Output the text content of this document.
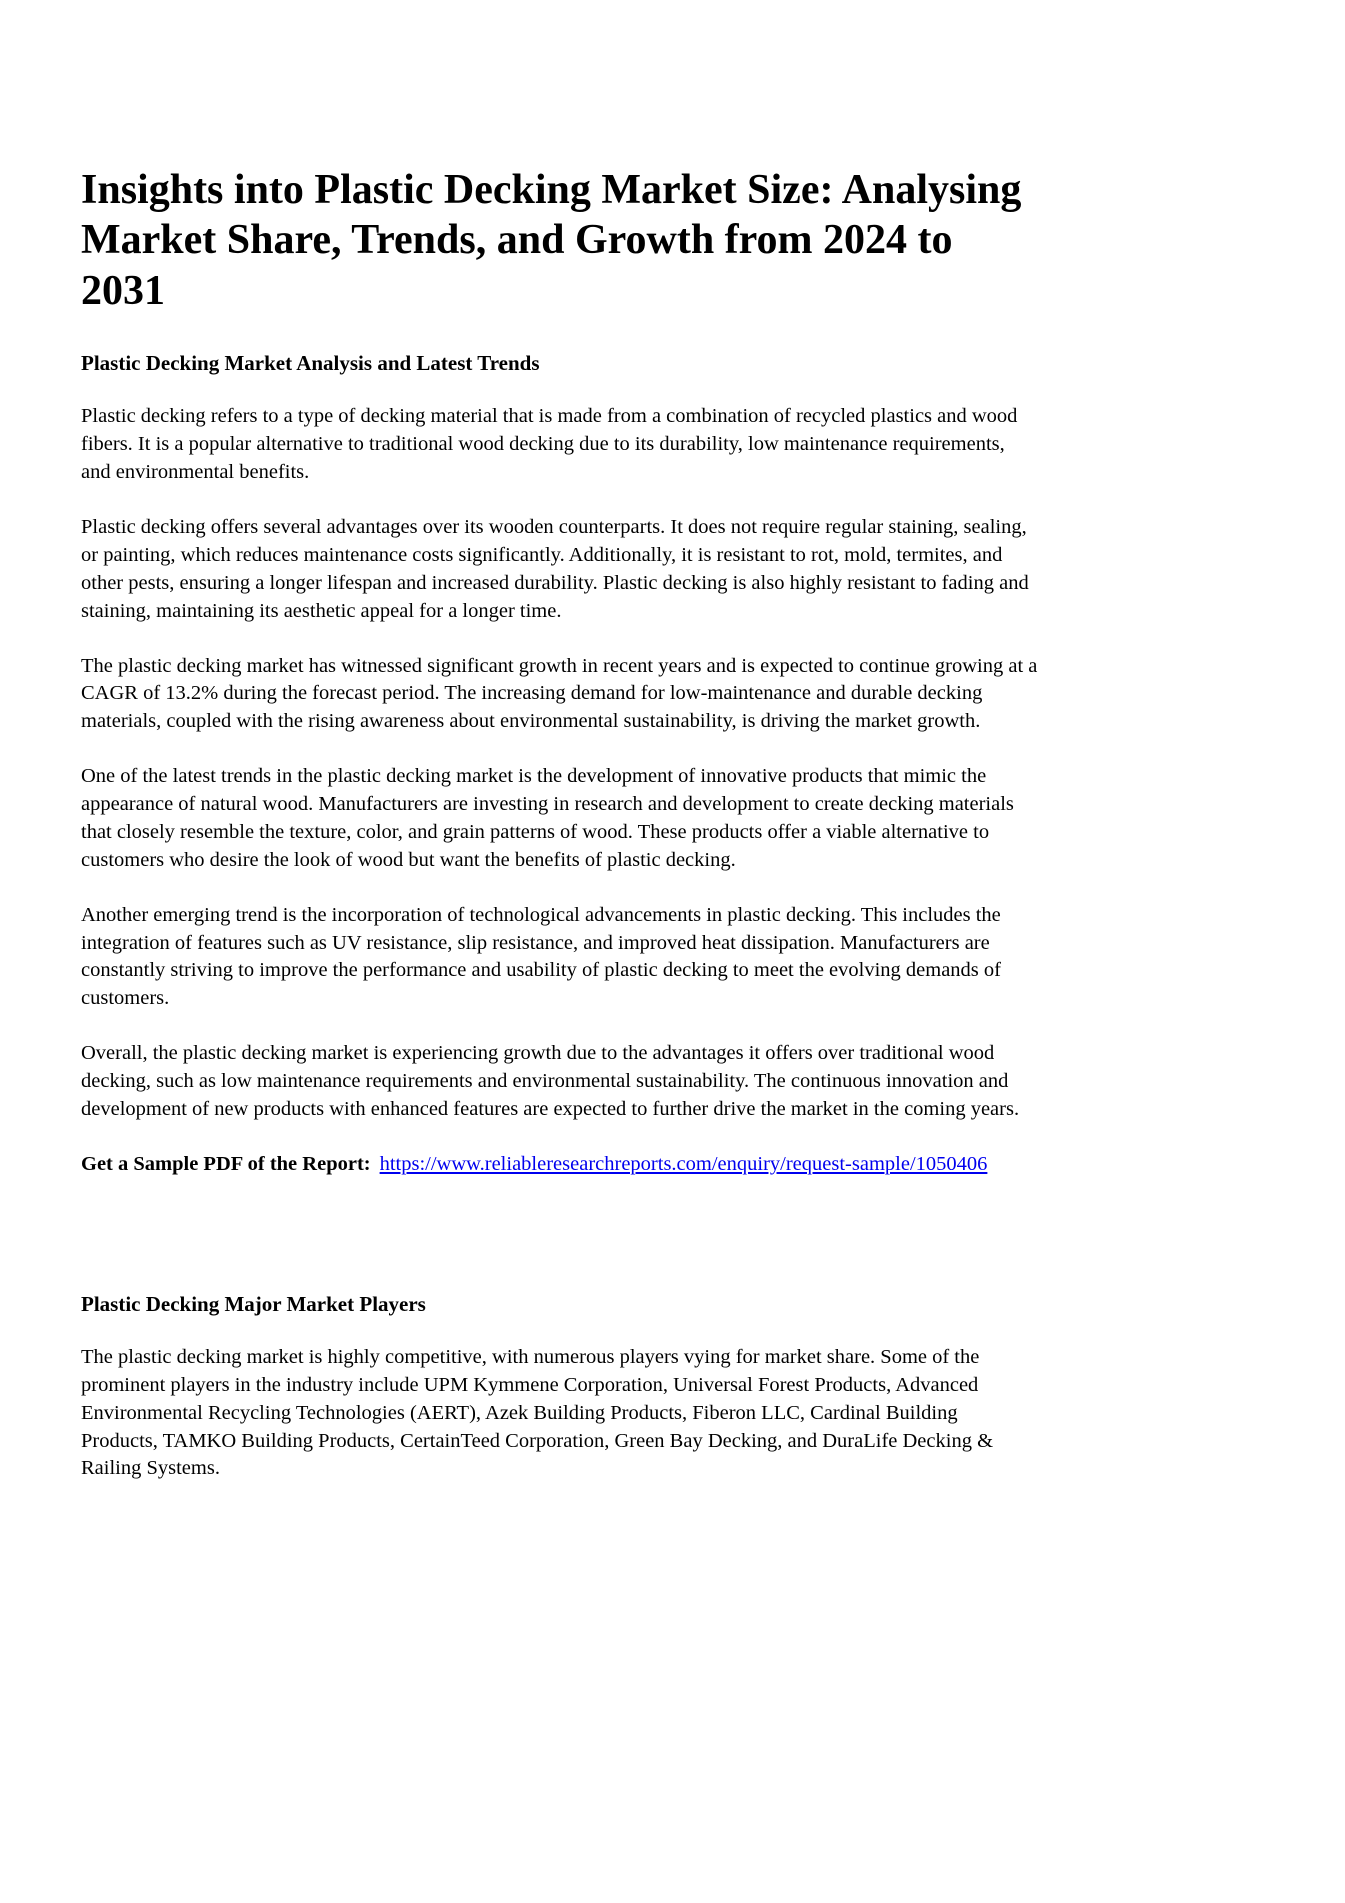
Insights into Plastic Decking Market Size: Analysing Market Share, Trends, and Growth from 2024 to 2031
Plastic Decking Market Analysis and Latest Trends

Plastic decking refers to a type of decking material that is made from a combination of recycled plastics and wood fibers. It is a popular alternative to traditional wood decking due to its durability, low maintenance requirements, and environmental benefits.

Plastic decking offers several advantages over its wooden counterparts. It does not require regular staining, sealing, or painting, which reduces maintenance costs significantly. Additionally, it is resistant to rot, mold, termites, and other pests, ensuring a longer lifespan and increased durability. Plastic decking is also highly resistant to fading and staining, maintaining its aesthetic appeal for a longer time.

The plastic decking market has witnessed significant growth in recent years and is expected to continue growing at a CAGR of 13.2% during the forecast period. The increasing demand for low-maintenance and durable decking materials, coupled with the rising awareness about environmental sustainability, is driving the market growth.

One of the latest trends in the plastic decking market is the development of innovative products that mimic the appearance of natural wood. Manufacturers are investing in research and development to create decking materials that closely resemble the texture, color, and grain patterns of wood. These products offer a viable alternative to customers who desire the look of wood but want the benefits of plastic decking.

Another emerging trend is the incorporation of technological advancements in plastic decking. This includes the integration of features such as UV resistance, slip resistance, and improved heat dissipation. Manufacturers are constantly striving to improve the performance and usability of plastic decking to meet the evolving demands of customers.

Overall, the plastic decking market is experiencing growth due to the advantages it offers over traditional wood decking, such as low maintenance requirements and environmental sustainability. The continuous innovation and development of new products with enhanced features are expected to further drive the market in the coming years.

Get a Sample PDF of the Report: https://www.reliableresearchreports.com/enquiry/request-sample/1050406

Plastic Decking Major Market Players

The plastic decking market is highly competitive, with numerous players vying for market share. Some of the prominent players in the industry include UPM Kymmene Corporation, Universal Forest Products, Advanced Environmental Recycling Technologies (AERT), Azek Building Products, Fiberon LLC, Cardinal Building Products, TAMKO Building Products, CertainTeed Corporation, Green Bay Decking, and DuraLife Decking & Railing Systems.
